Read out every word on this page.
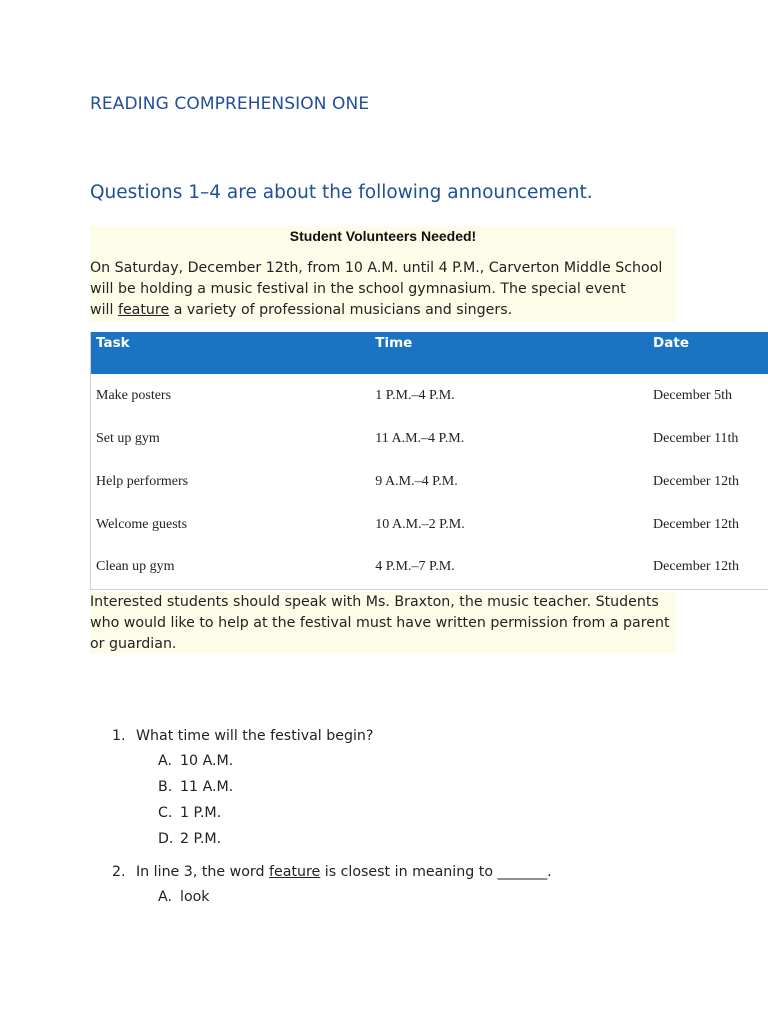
READING COMPREHENSION ONE
Questions 1–4 are about the following announcement.
Student Volunteers Needed!

On Saturday, December 12th, from 10 A.M. until 4 P.M., Carverton Middle School

will be holding a music festival in the school gymnasium. The special event

will feature a variety of professional musicians and singers.

Task	Time	Date
Make posters	1 P.M.–4 P.M.	December 5th
Set up gym	11 A.M.–4 P.M.	December 11th
Help performers	9 A.M.–4 P.M.	December 12th
Welcome guests	10 A.M.–2 P.M.	December 12th
Clean up gym	4 P.M.–7 P.M.	December 12th

Interested students should speak with Ms. Braxton, the music teacher. Students

who would like to help at the festival must have written permission from a parent

or guardian.

1. What time will the festival begin?
A. 10 A.M.
B. 11 A.M.
C. 1 P.M.
D. 2 P.M.
2. In line 3, the word feature is closest in meaning to _______.
A. look
